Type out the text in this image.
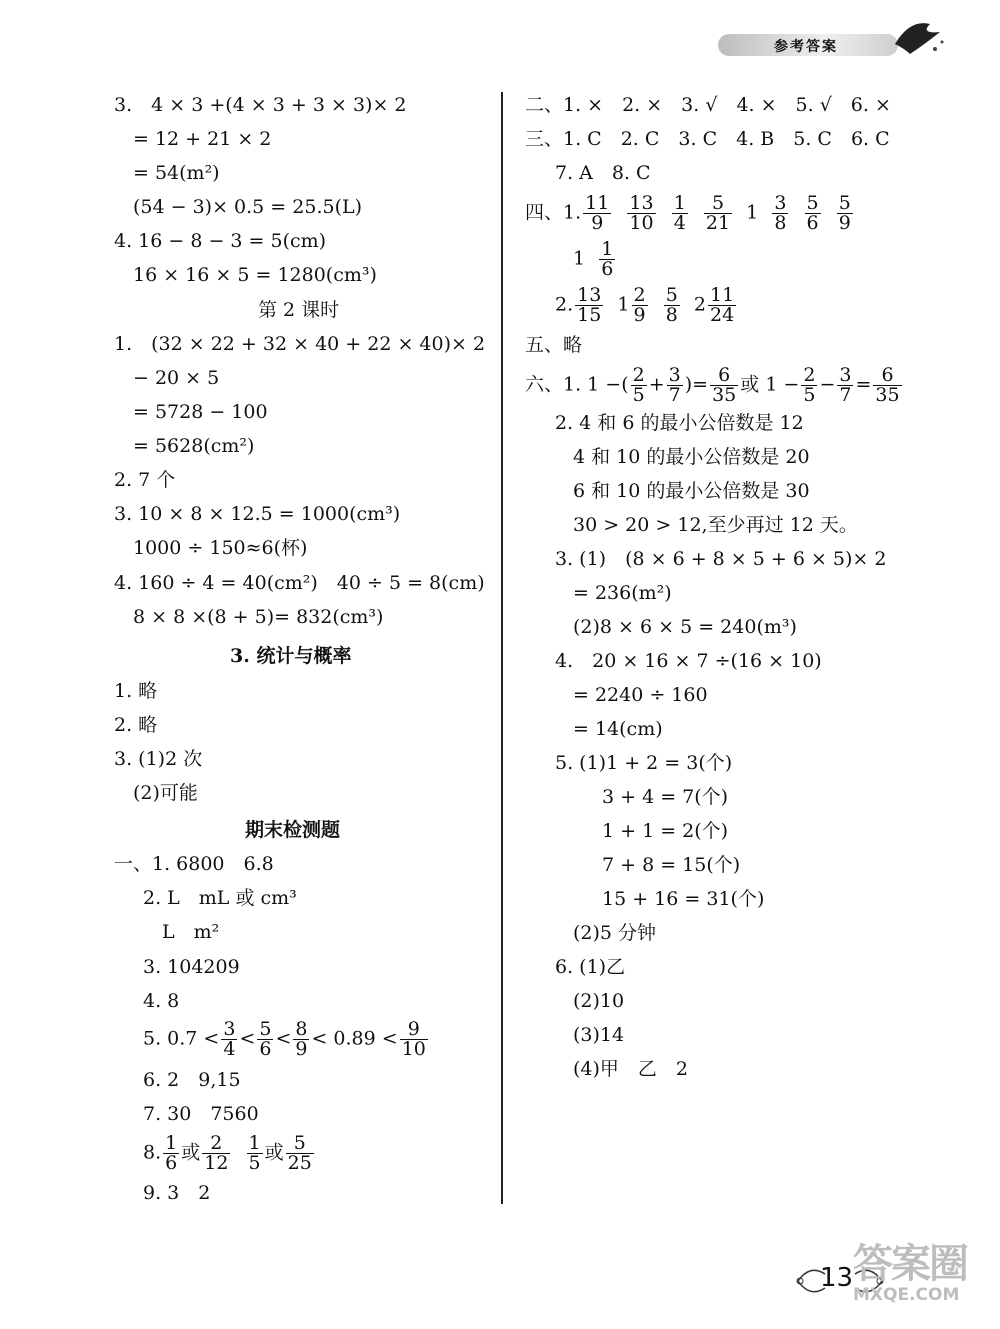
参考答案
3.　4 × 3 +(4 × 3 + 3 × 3)× 2
= 12 + 21 × 2
= 54(m²)
(54 − 3)× 0.5 = 25.5(L)
4. 16 − 8 − 3 = 5(cm)
16 × 16 × 5 = 1280(cm³)
第 2 课时
1.　(32 × 22 + 32 × 40 + 22 × 40)× 2
− 20 × 5
= 5728 − 100
= 5628(cm²)
2. 7 个
3. 10 × 8 × 12.5 = 1000(cm³)
1000 ÷ 150≈6(杯)
4. 160 ÷ 4 = 40(cm²)　40 ÷ 5 = 8(cm)
8 × 8 ×(8 + 5)= 832(cm³)
3. 统计与概率
1. 略
2. 略
3. (1)2 次
(2)可能
期末检测题
一、1. 6800　6.8
2. L　mL 或 cm³
L　m²
3. 104209
4. 8
6. 2　9,15
7. 30　7560
9. 3　2
二、1. ×　2. ×　3. √　4. ×　5. √　6. ×
三、1. C　2. C　3. C　4. B　5. C　6. C
7. A　8. C
五、略
2. 4 和 6 的最小公倍数是 12
4 和 10 的最小公倍数是 20
6 和 10 的最小公倍数是 30
30 > 20 > 12,至少再过 12 天。
3. (1)　(8 × 6 + 8 × 5 + 6 × 5)× 2
= 236(m²)
(2)8 × 6 × 5 = 240(m³)
4.　20 × 16 × 7 ÷(16 × 10)
= 2240 ÷ 160
= 14(cm)
5. (1)1 + 2 = 3(个)
3 + 4 = 7(个)
1 + 1 = 2(个)
7 + 8 = 15(个)
15 + 16 = 31(个)
(2)5 分钟
6. (1)乙
(2)10
(3)14
(4)甲　乙　2
5. $0.7 < \frac{3}{4} < \frac{5}{6} < \frac{8}{9} < 0.89 < \frac{9}{10}$
8. $\frac{1}{6}$ 或 $\frac{2}{12}$
$\frac{1}{5}$ 或 $\frac{5}{25}$
四、1. $\frac{11}{9}$
$\frac{13}{10}$
$\frac{1}{4}$
$\frac{5}{21} 1 \frac{3}{8}$
$\frac{5}{6}$
$\frac{5}{9}$
$1 \frac{1}{6}$
2. $\frac{13}{15} 1 \frac{2}{9}$
$\frac{5}{8} 2 \frac{11}{24}$
六、1. 1 −( $\frac{2}{5} + \frac{3}{7}$ )= $\frac{6}{35}$ 或 $1 - \frac{2}{5} - \frac{3}{7} = \frac{6}{35}$
13 答案圈
MXQE.COM
